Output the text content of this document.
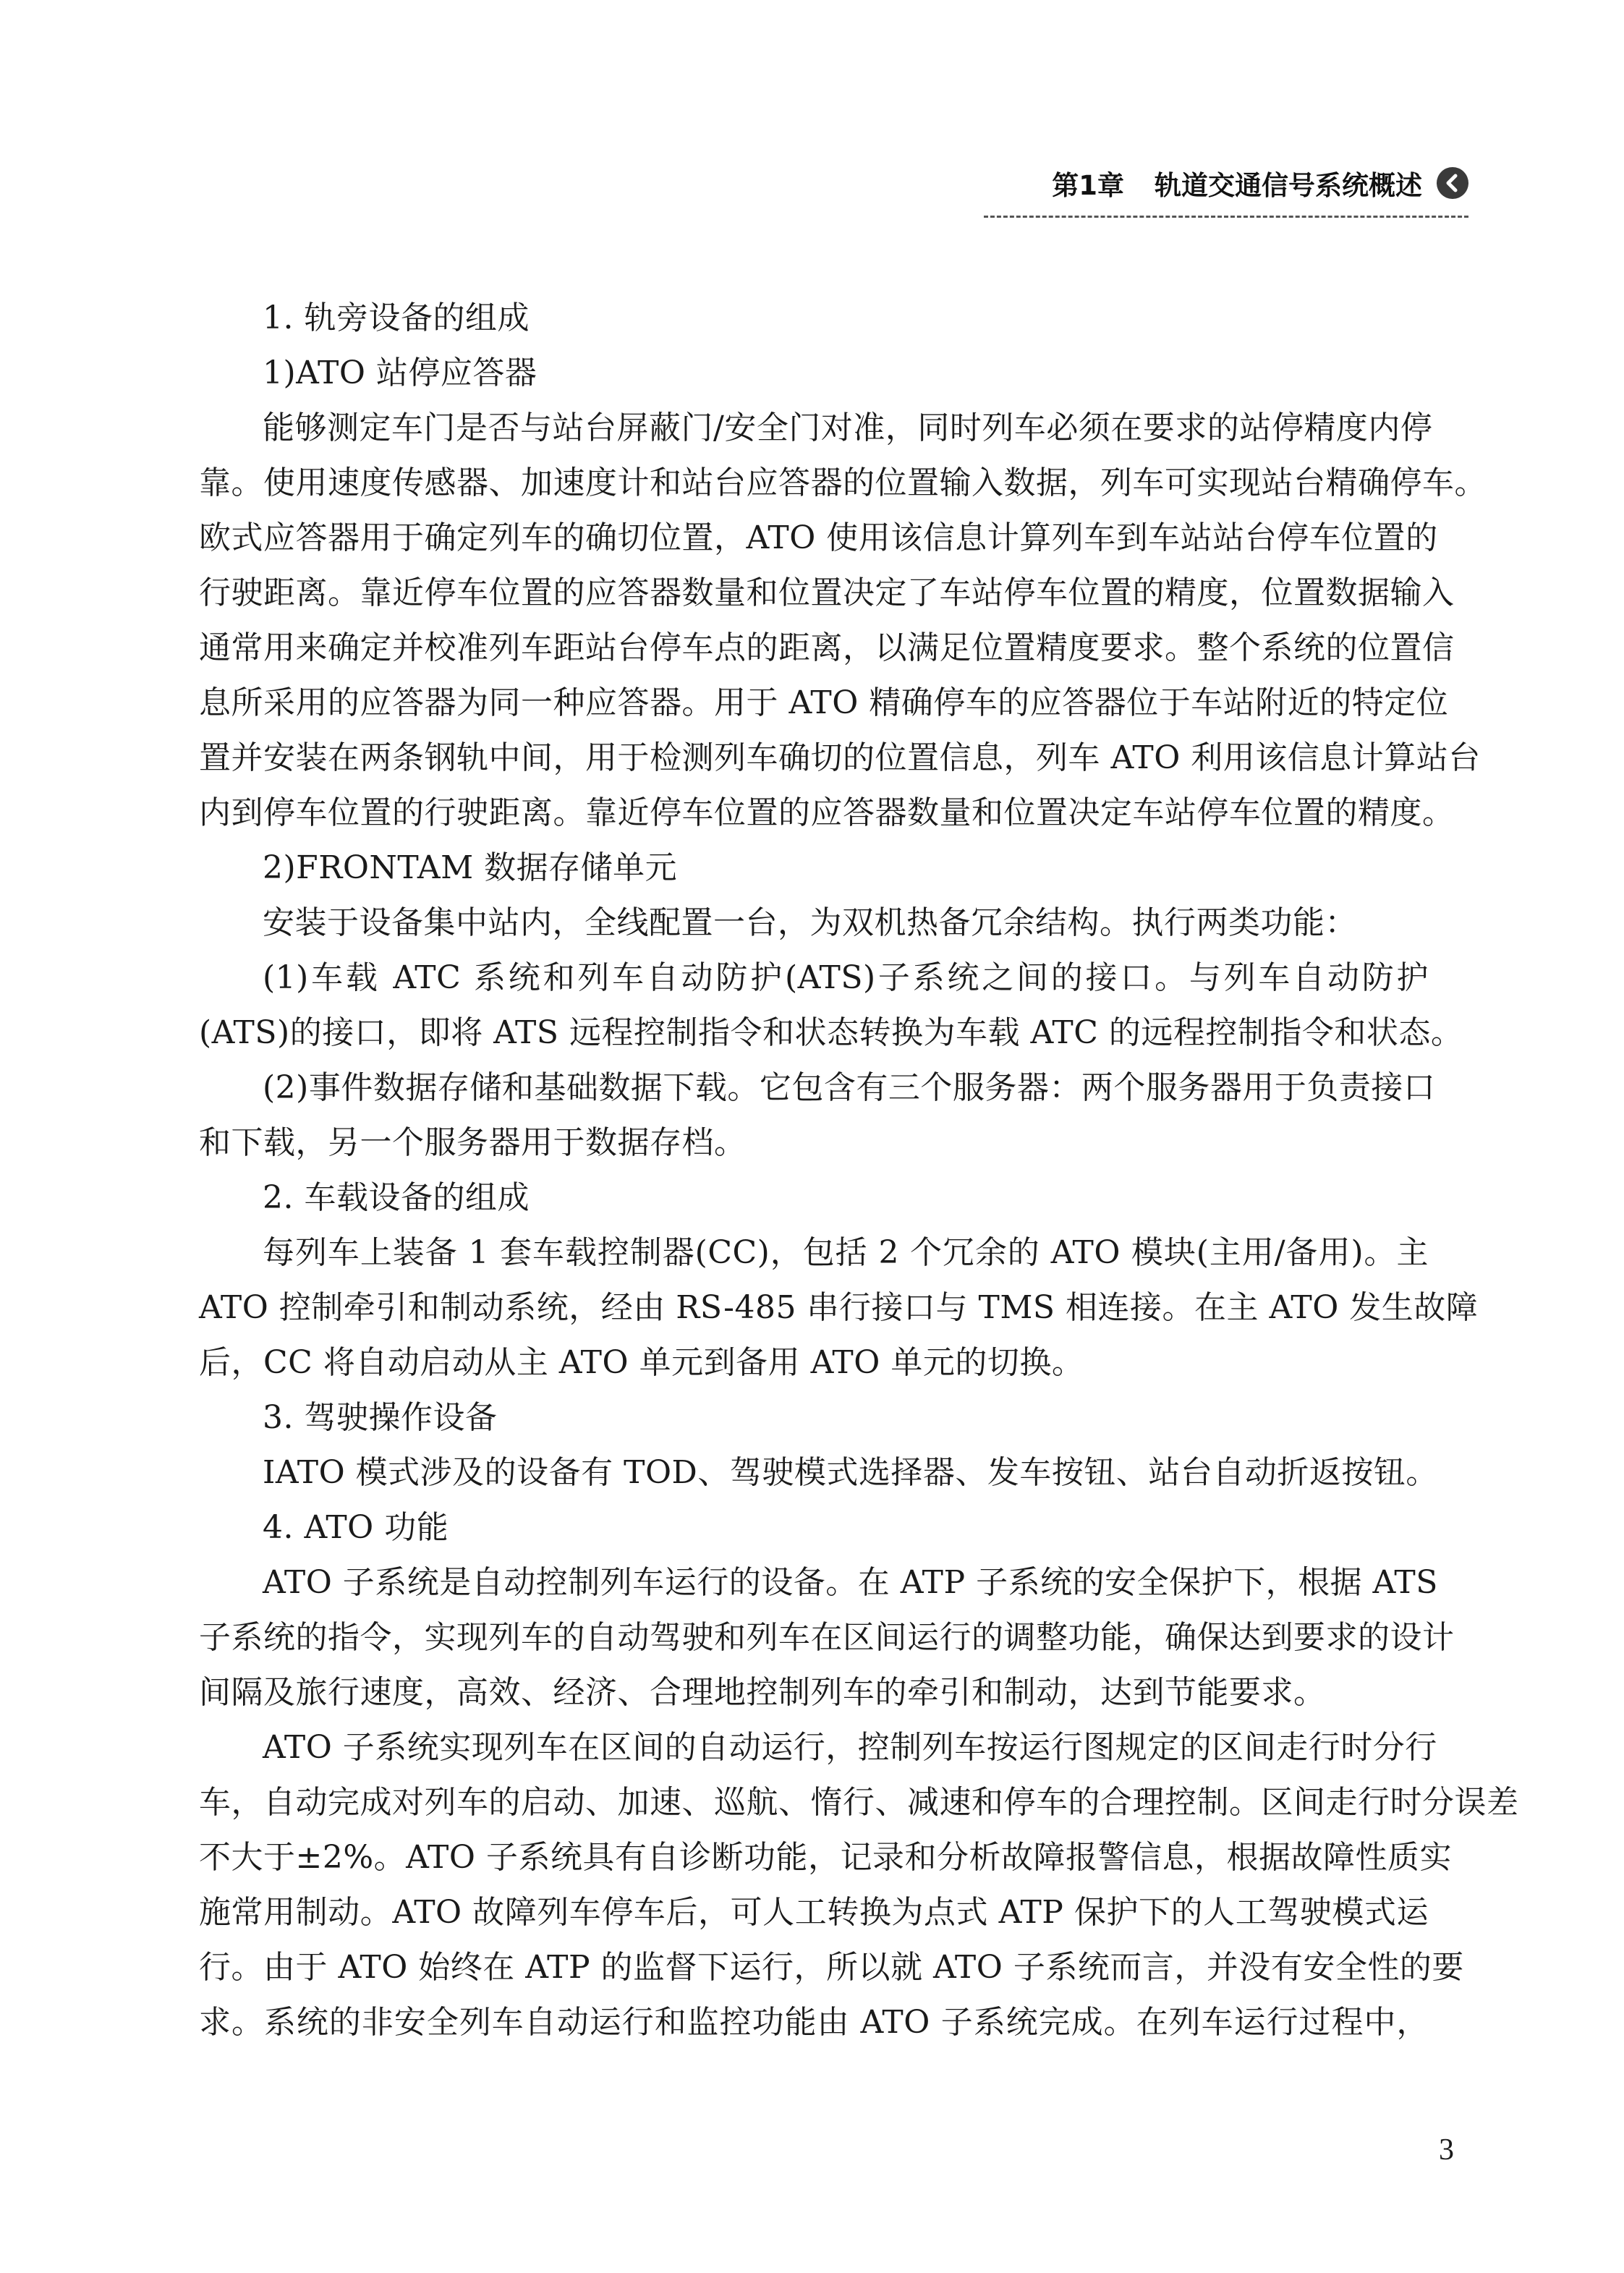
第1章 轨道交通信号系统概述
1. 轨旁设备的组成
1)ATO 站停应答器
能够测定车门是否与站台屏蔽门/安全门对准，同时列车必须在要求的站停精度内停
靠。使用速度传感器、加速度计和站台应答器的位置输入数据，列车可实现站台精确停车。
欧式应答器用于确定列车的确切位置，ATO 使用该信息计算列车到车站站台停车位置的
行驶距离。靠近停车位置的应答器数量和位置决定了车站停车位置的精度，位置数据输入
通常用来确定并校准列车距站台停车点的距离，以满足位置精度要求。整个系统的位置信
息所采用的应答器为同一种应答器。用于 ATO 精确停车的应答器位于车站附近的特定位
置并安装在两条钢轨中间，用于检测列车确切的位置信息，列车 ATO 利用该信息计算站台
内到停车位置的行驶距离。靠近停车位置的应答器数量和位置决定车站停车位置的精度。
2)FRONTAM 数据存储单元
安装于设备集中站内，全线配置一台，为双机热备冗余结构。执行两类功能：
(1)车载 ATC 系统和列车自动防护(ATS)子系统之间的接口。与列车自动防护
(ATS)的接口，即将 ATS 远程控制指令和状态转换为车载 ATC 的远程控制指令和状态。
(2)事件数据存储和基础数据下载。它包含有三个服务器：两个服务器用于负责接口
和下载，另一个服务器用于数据存档。
2. 车载设备的组成
每列车上装备 1 套车载控制器(CC)，包括 2 个冗余的 ATO 模块(主用/备用)。主
ATO 控制牵引和制动系统，经由 RS-485 串行接口与 TMS 相连接。在主 ATO 发生故障
后，CC 将自动启动从主 ATO 单元到备用 ATO 单元的切换。
3. 驾驶操作设备
IATO 模式涉及的设备有 TOD、驾驶模式选择器、发车按钮、站台自动折返按钮。
4. ATO 功能
ATO 子系统是自动控制列车运行的设备。在 ATP 子系统的安全保护下，根据 ATS
子系统的指令，实现列车的自动驾驶和列车在区间运行的调整功能，确保达到要求的设计
间隔及旅行速度，高效、经济、合理地控制列车的牵引和制动，达到节能要求。
ATO 子系统实现列车在区间的自动运行，控制列车按运行图规定的区间走行时分行
车，自动完成对列车的启动、加速、巡航、惰行、减速和停车的合理控制。区间走行时分误差
不大于±2%。ATO 子系统具有自诊断功能，记录和分析故障报警信息，根据故障性质实
施常用制动。ATO 故障列车停车后，可人工转换为点式 ATP 保护下的人工驾驶模式运
行。由于 ATO 始终在 ATP 的监督下运行，所以就 ATO 子系统而言，并没有安全性的要
求。系统的非安全列车自动运行和监控功能由 ATO 子系统完成。在列车运行过程中，
3
